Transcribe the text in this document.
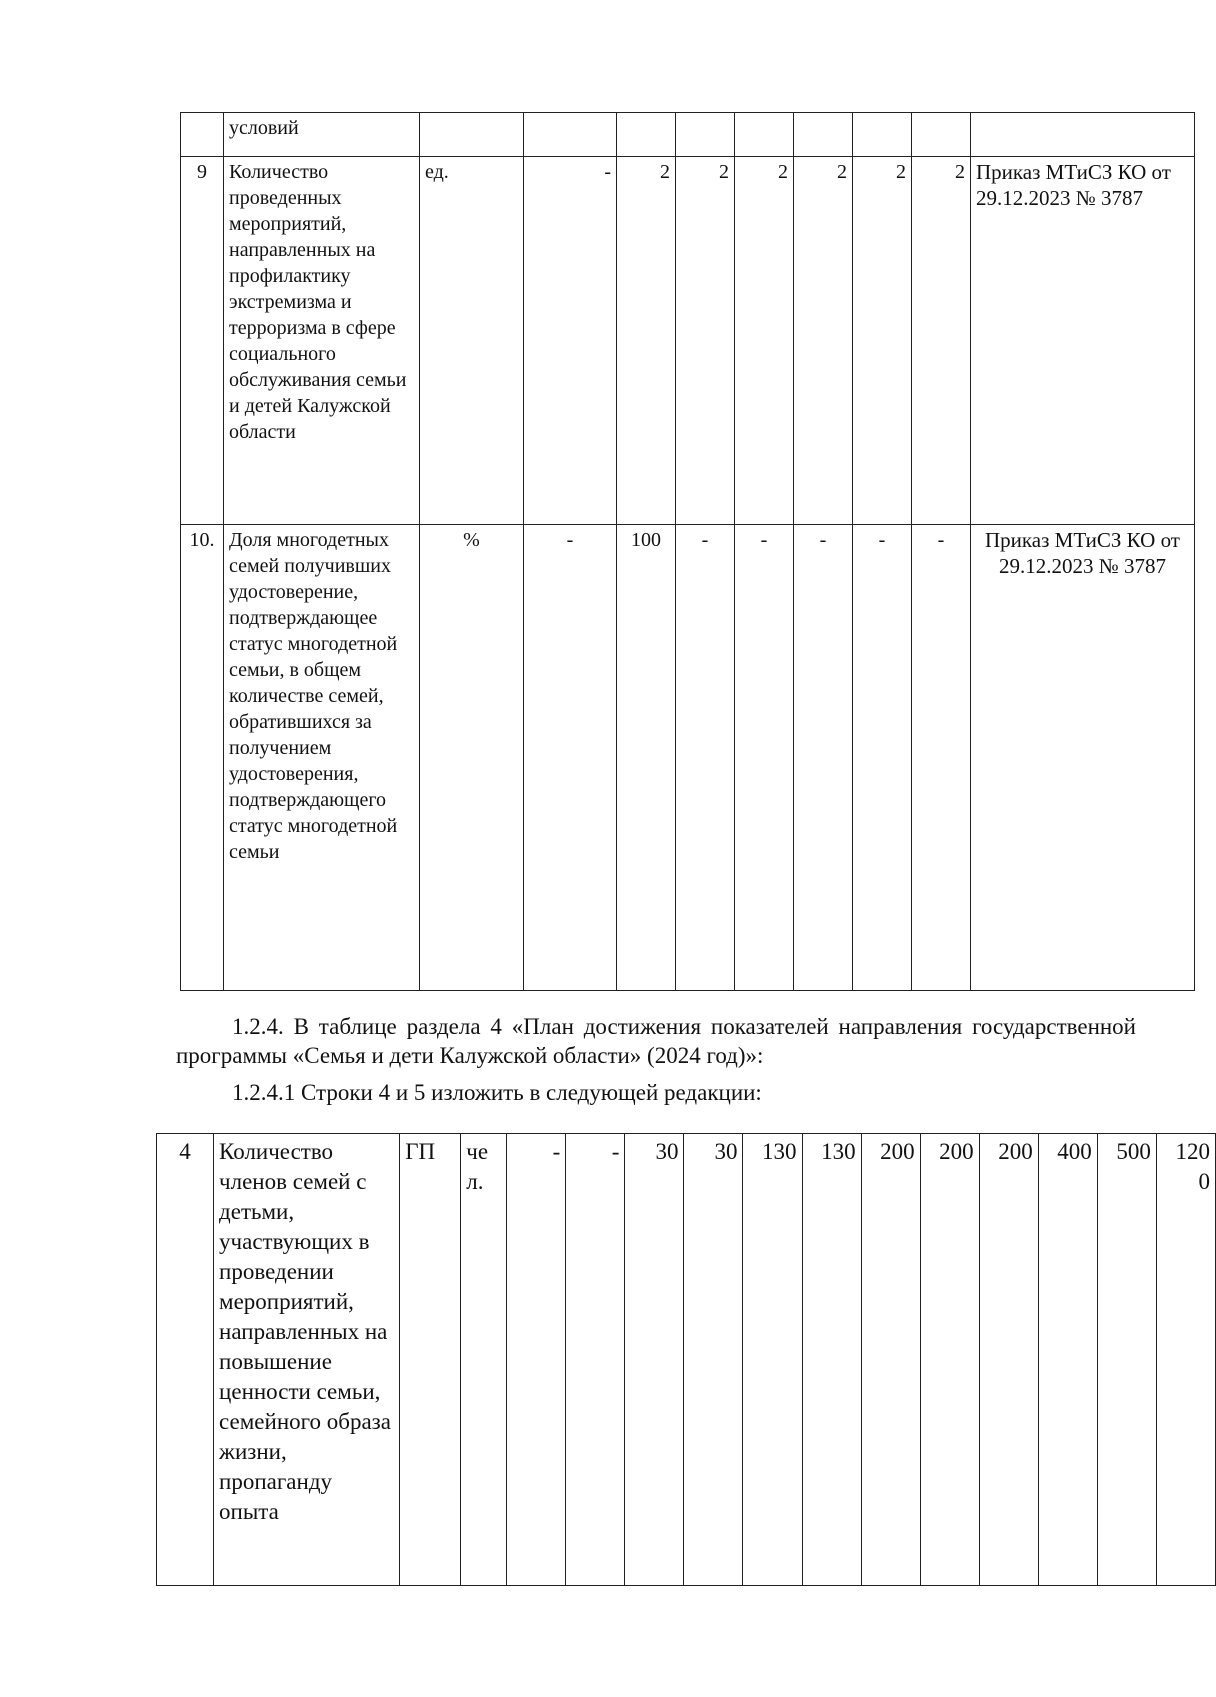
	условий									
9	Количество проведенных мероприятий, направленных на профилактику экстремизма и терроризма в сфере социального обслуживания семьи и детей Калужской области	ед.	-	2	2	2	2	2	2	Приказ МТиСЗ КО от 29.12.2023 № 3787
10.	Доля многодетных семей получивших удостоверение, подтверждающее статус многодетной семьи, в общем количестве семей, обратившихся за получением удостоверения, подтверждающего статус многодетной семьи	%	-	100	-	-	-	-	-	Приказ МТиСЗ КО от 29.12.2023 № 3787
1.2.4. В таблице раздела 4 «План достижения показателей направления государственной программы «Семья и дети Калужской области» (2024 год)»:
1.2.4.1 Строки 4 и 5 изложить в следующей редакции:
4	Количество членов семей с детьми, участвующих в проведении мероприятий, направленных на повышение ценности семьи, семейного образа жизни, пропаганду опыта	ГП	че л.	-	-	30	30	130	130	200	200	200	400	500	120 0
